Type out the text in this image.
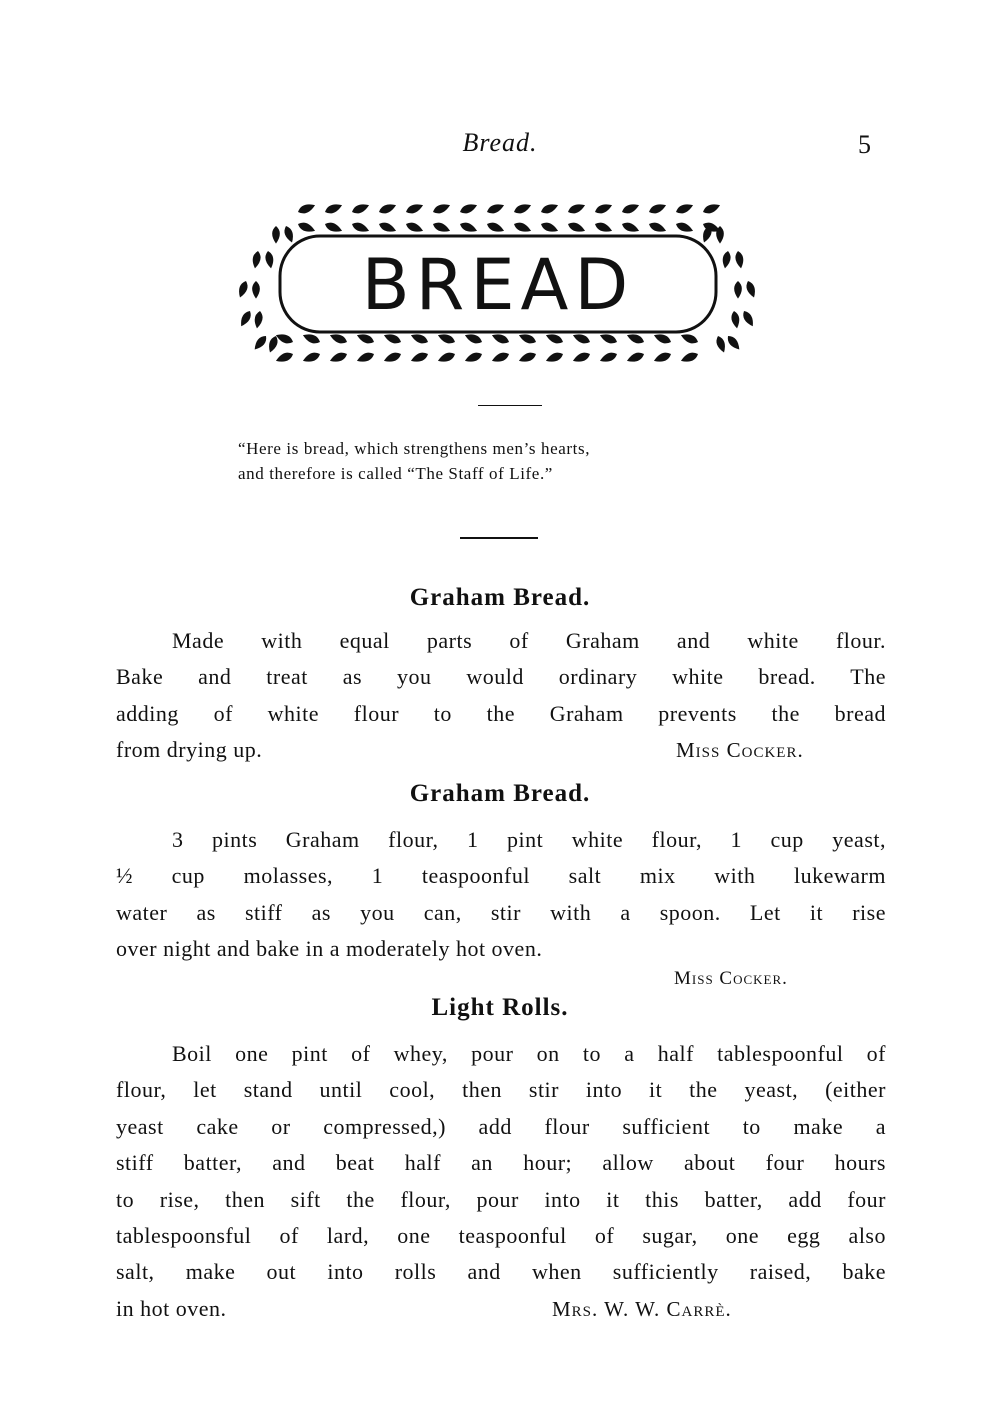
Bread.	5
BREAD
“Here is bread, which strengthens men’s hearts,
and therefore is called “The Staff of Life.”
Graham Bread.
Made with equal parts of Graham and white flour.
Bake and treat as you would ordinary white bread. The
adding of white flour to the Graham prevents the bread
from drying up.	Miss Cocker.
Graham Bread.
3 pints Graham flour, 1 pint white flour, 1 cup yeast,
½ cup molasses, 1 teaspoonful salt mix with lukewarm
water as stiff as you can, stir with a spoon. Let it rise
over night and bake in a moderately hot oven.
Miss Cocker.
Light Rolls.
Boil one pint of whey, pour on to a half tablespoonful of
flour, let stand until cool, then stir into it the yeast, (either
yeast cake or compressed,) add flour sufficient to make a
stiff batter, and beat half an hour; allow about four hours
to rise, then sift the flour, pour into it this batter, add four
tablespoonsful of lard, one teaspoonful of sugar, one egg also
salt, make out into rolls and when sufficiently raised, bake
in hot oven.	Mrs. W. W. Carrè.
